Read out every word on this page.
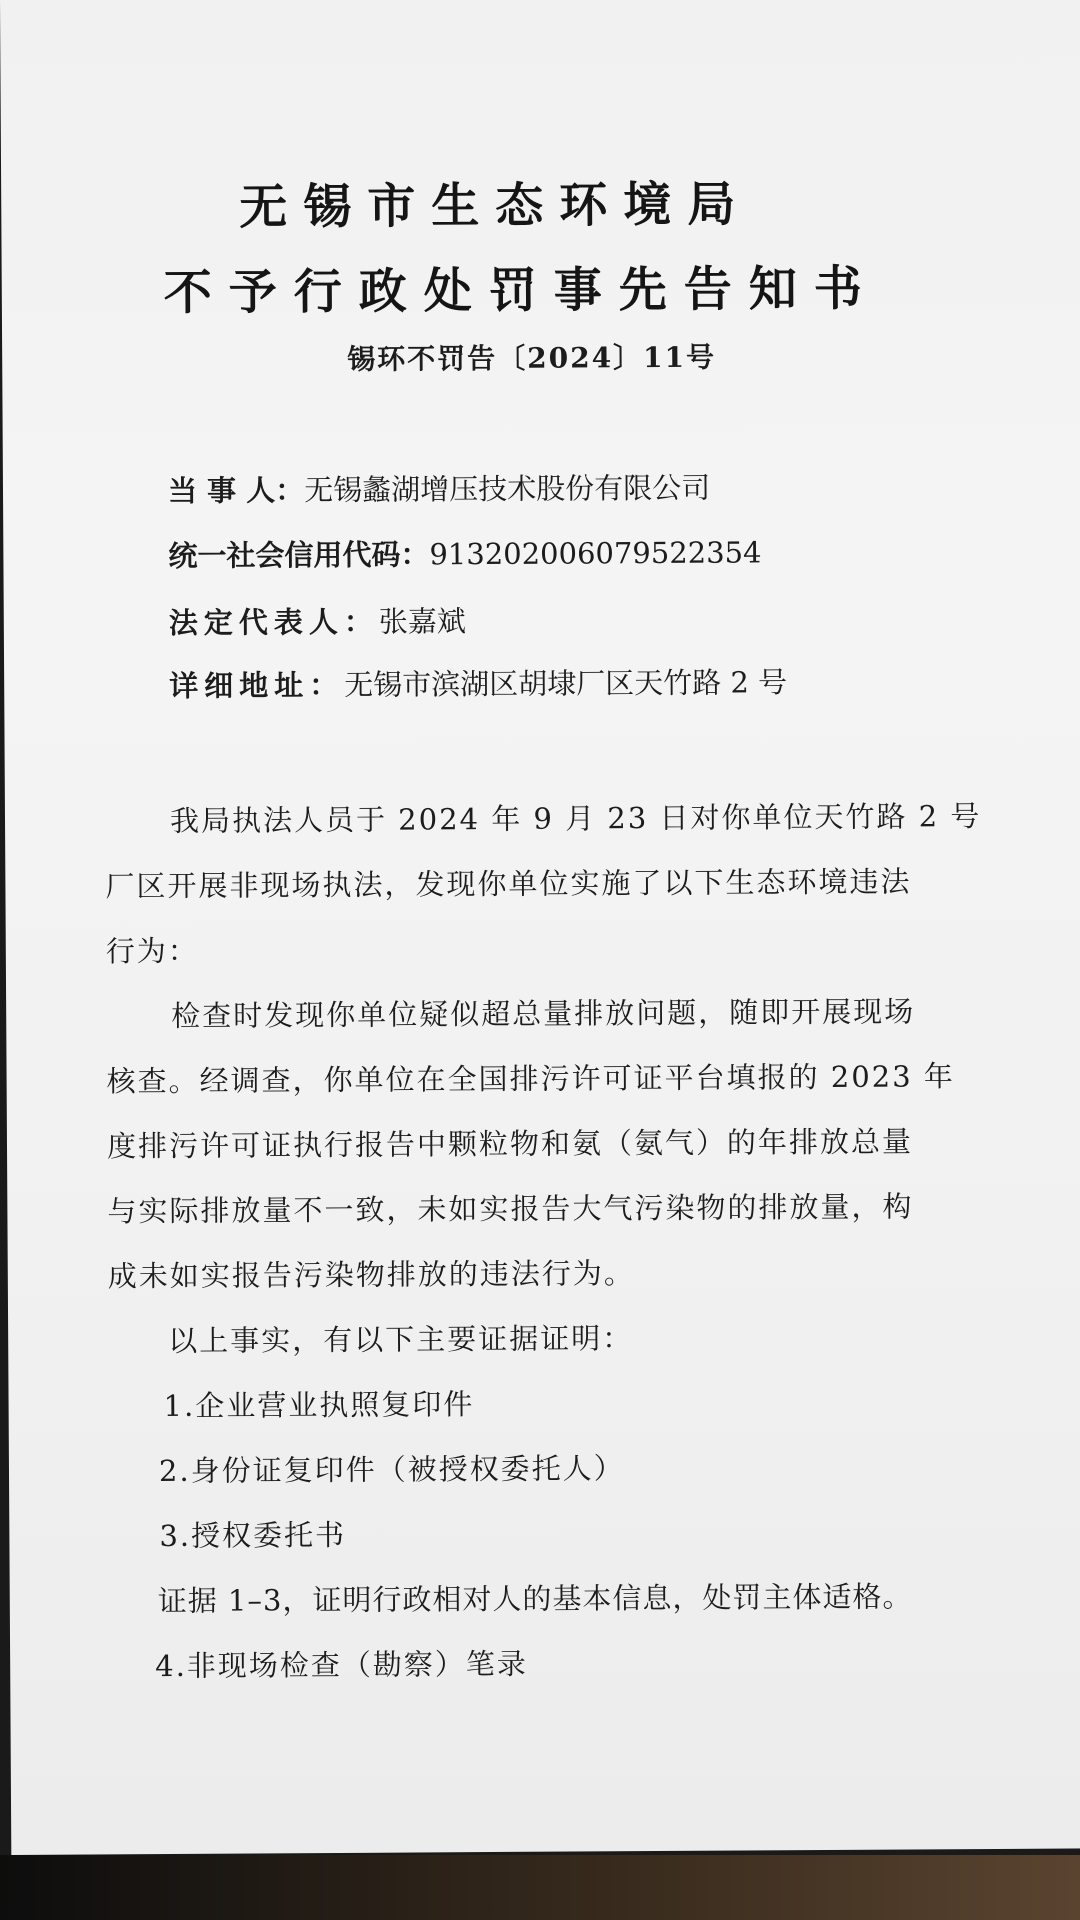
​ 无锡市生态环境局
不予行政处罚事先告知书
锡环不罚告〔2024〕11号
当 事 人：无锡蠡湖增压技术股份有限公司
统一社会信用代码：913202006079522354
法定代表人：张嘉斌
详细地址：无锡市滨湖区胡埭厂区天竹路 2 号
我局执法人员于 2024 年 9 月 23 日对你单位天竹路 2 号
厂区开展非现场执法，发现你单位实施了以下生态环境违法
行为：
检查时发现你单位疑似超总量排放问题，随即开展现场
核查。经调查，你单位在全国排污许可证平台填报的 2023 年
度排污许可证执行报告中颗粒物和氨（氨气）的年排放总量
与实际排放量不一致，未如实报告大气污染物的排放量，构
成未如实报告污染物排放的违法行为。
以上事实，有以下主要证据证明：
1.企业营业执照复印件
2.身份证复印件（被授权委托人）
3.授权委托书
证据 1–3，证明行政相对人的基本信息，处罚主体适格。
4.非现场检查（勘察）笔录
